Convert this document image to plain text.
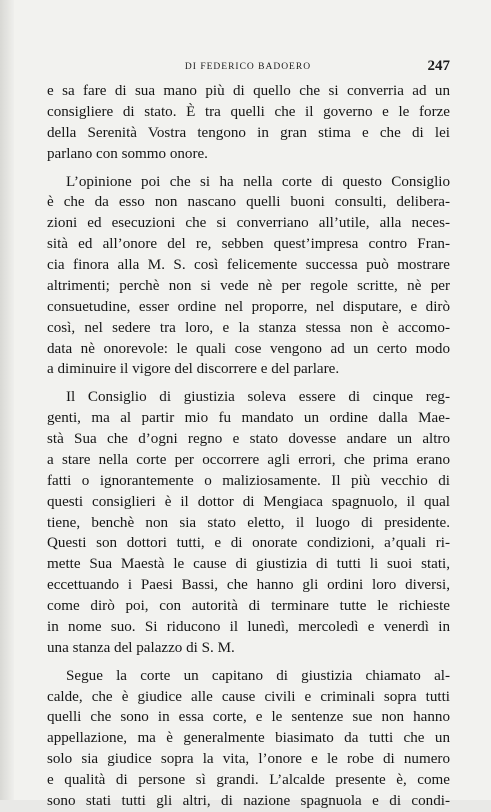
DI FEDERICO BADOERO	247
e sa fare di sua mano più di quello che si converria ad un
consigliere di stato. È tra quelli che il governo e le forze
della Serenità Vostra tengono in gran stima e che di lei
parlano con sommo onore.
L’opinione poi che si ha nella corte di questo Consiglio
è che da esso non nascano quelli buoni consulti, delibera-
zioni ed esecuzioni che si converriano all’utile, alla neces-
sità ed all’onore del re, sebben quest’impresa contro Fran-
cia finora alla M. S. così felicemente successa può mostrare
altrimenti; perchè non si vede nè per regole scritte, nè per
consuetudine, esser ordine nel proporre, nel disputare, e dirò
così, nel sedere tra loro, e la stanza stessa non è accomo-
data nè onorevole: le quali cose vengono ad un certo modo
a diminuire il vigore del discorrere e del parlare.
Il Consiglio di giustizia soleva essere di cinque reg-
genti, ma al partir mio fu mandato un ordine dalla Mae-
stà Sua che d’ogni regno e stato dovesse andare un altro
a stare nella corte per occorrere agli errori, che prima erano
fatti o ignorantemente o maliziosamente. Il più vecchio di
questi consiglieri è il dottor di Mengiaca spagnuolo, il qual
tiene, benchè non sia stato eletto, il luogo di presidente.
Questi son dottori tutti, e di onorate condizioni, a’quali ri-
mette Sua Maestà le cause di giustizia di tutti li suoi stati,
eccettuando i Paesi Bassi, che hanno gli ordini loro diversi,
come dirò poi, con autorità di terminare tutte le richieste
in nome suo. Si riducono il lunedì, mercoledì e venerdì in
una stanza del palazzo di S. M.
Segue la corte un capitano di giustizia chiamato al-
calde, che è giudice alle cause civili e criminali sopra tutti
quelli che sono in essa corte, e le sentenze sue non hanno
appellazione, ma è generalmente biasimato da tutti che un
solo sia giudice sopra la vita, l’onore e le robe di numero
e qualità di persone sì grandi. L’alcalde presente è, come
sono stati tutti gli altri, di nazione spagnuola e di condi-
